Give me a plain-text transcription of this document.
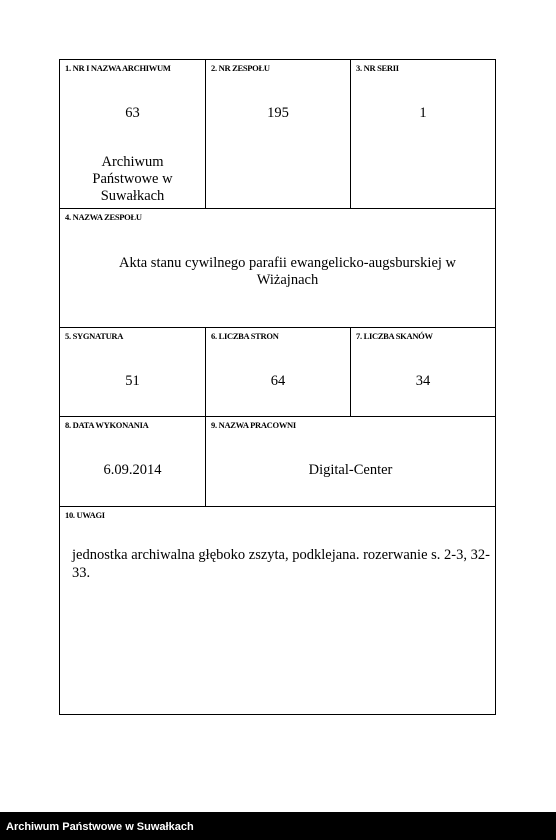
1. NR I NAZWA ARCHIWUM
63
Archiwum
Państwowe w
Suwałkach
2. NR ZESPOŁU
195
3. NR SERII
1
4. NAZWA ZESPOŁU
Akta stanu cywilnego parafii ewangelicko-augsburskiej w
Wiżajnach
5. SYGNATURA
51
6. LICZBA STRON
64
7. LICZBA SKANÓW
34
8. DATA WYKONANIA
6.09.2014
9. NAZWA PRACOWNI
Digital-Center
10. UWAGI
jednostka archiwalna głęboko zszyta, podklejana. rozerwanie s. 2-3, 32-
33.
Archiwum Państwowe w Suwałkach
